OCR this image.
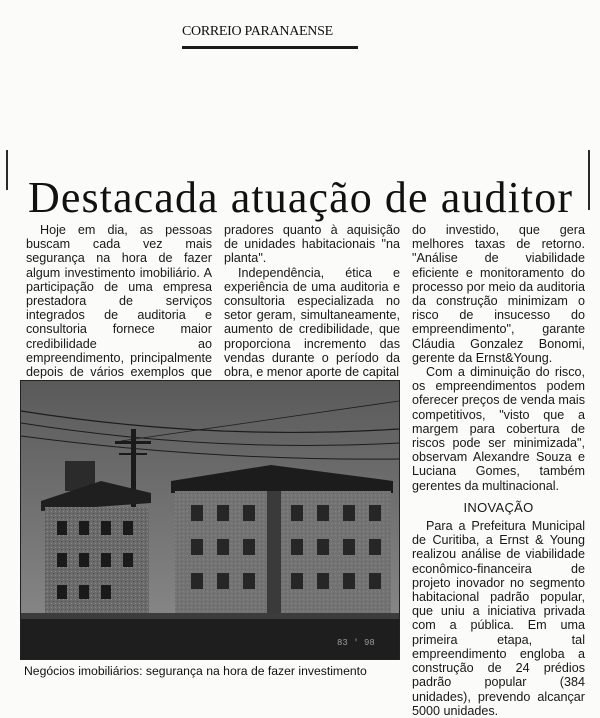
CORREIO PARANAENSE
Destacada atuação de auditor

Hoje em dia, as pessoas buscam cada vez mais segurança na hora de fazer algum investimento imobiliário. A participação de uma empresa prestadora de serviços integrados de auditoria e consultoria fornece maior credibilidade ao empreendimento, principalmente depois de vários exemplos que

pradores quanto à aquisição de unidades habitacionais "na planta".

Independência, ética e experiência de uma auditoria e consultoria especializada no setor geram, simultaneamente, aumento de credibilidade, que proporciona incremento das vendas durante o período da obra, e menor aporte de capital

do investido, que gera melhores taxas de retorno. "Análise de viabilidade eficiente e monitoramento do processo por meio da auditoria da construção minimizam o risco de insucesso do empreendimento", garante Cláudia Gonzalez Bonomi, gerente da Ernst&Young.

Com a diminuição do risco, os empreendimentos podem oferecer preços de venda mais competitivos, "visto que a margem para cobertura de riscos pode ser minimizada", observam Alexandre Souza e Luciana Gomes, também gerentes da multinacional.

INOVAÇÃO

Para a Prefeitura Municipal de Curitiba, a Ernst & Young realizou análise de viabilidade econômico-financeira de projeto inovador no segmento habitacional padrão popular, que uniu a iniciativa privada com a pública. Em uma primeira etapa, tal empreendimento engloba a construção de 24 prédios padrão popular (384 unidades), prevendo alcançar 5000 unidades.

83 ' 98
Negócios imobiliários: segurança na hora de fazer investimento
